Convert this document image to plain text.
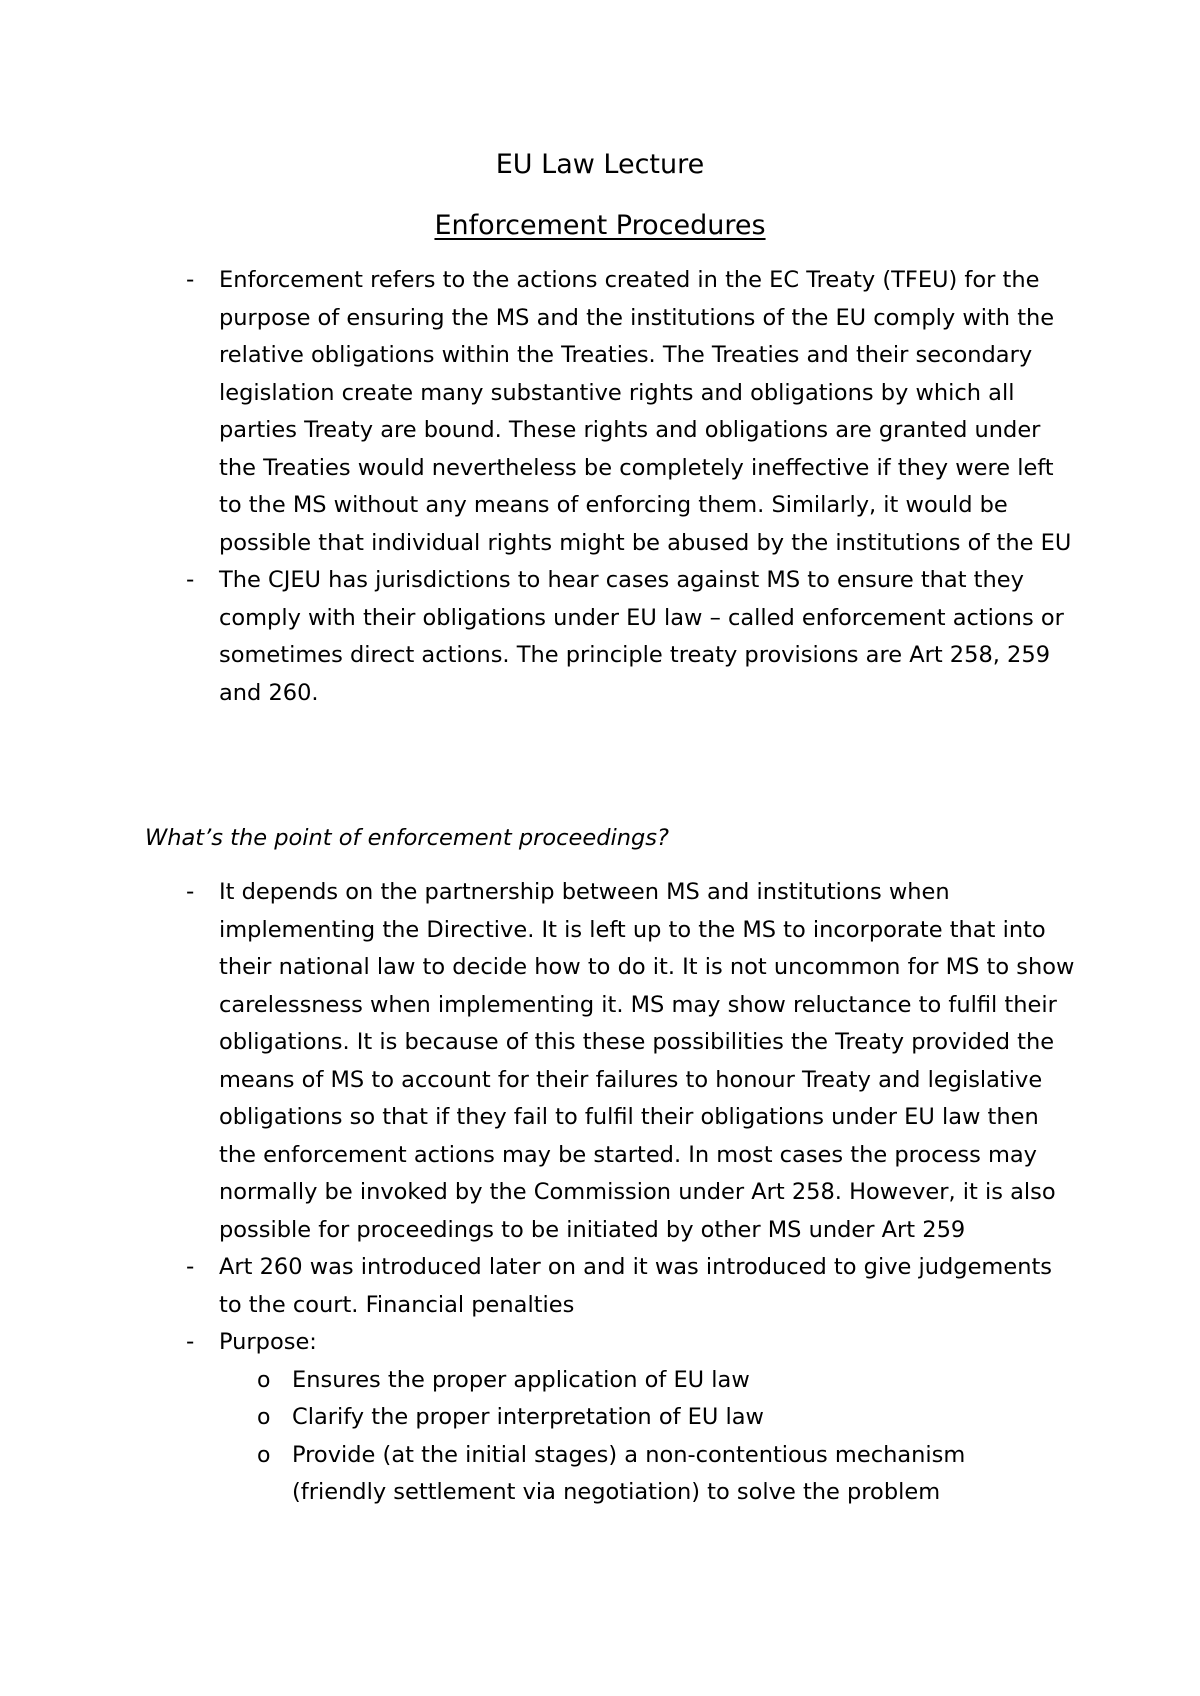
EU Law Lecture
Enforcement Procedures
- Enforcement refers to the actions created in the EC Treaty (TFEU) for the purpose of ensuring the MS and the institutions of the EU comply with the relative obligations within the Treaties. The Treaties and their secondary legislation create many substantive rights and obligations by which all parties Treaty are bound. These rights and obligations are granted under the Treaties would nevertheless be completely ineffective if they were left to the MS without any means of enforcing them. Similarly, it would be possible that individual rights might be abused by the institutions of the EU
- The CJEU has jurisdictions to hear cases against MS to ensure that they comply with their obligations under EU law – called enforcement actions or sometimes direct actions. The principle treaty provisions are Art 258, 259 and 260.
What’s the point of enforcement proceedings?
- It depends on the partnership between MS and institutions when implementing the Directive. It is left up to the MS to incorporate that into their national law to decide how to do it. It is not uncommon for MS to show carelessness when implementing it. MS may show reluctance to fulfil their obligations. It is because of this these possibilities the Treaty provided the means of MS to account for their failures to honour Treaty and legislative obligations so that if they fail to fulfil their obligations under EU law then the enforcement actions may be started. In most cases the process may normally be invoked by the Commission under Art 258. However, it is also possible for proceedings to be initiated by other MS under Art 259
- Art 260 was introduced later on and it was introduced to give judgements to the court. Financial penalties
- Purpose:
o Ensures the proper application of EU law
o Clarify the proper interpretation of EU law
o Provide (at the initial stages) a non-contentious mechanism (friendly settlement via negotiation) to solve the problem
